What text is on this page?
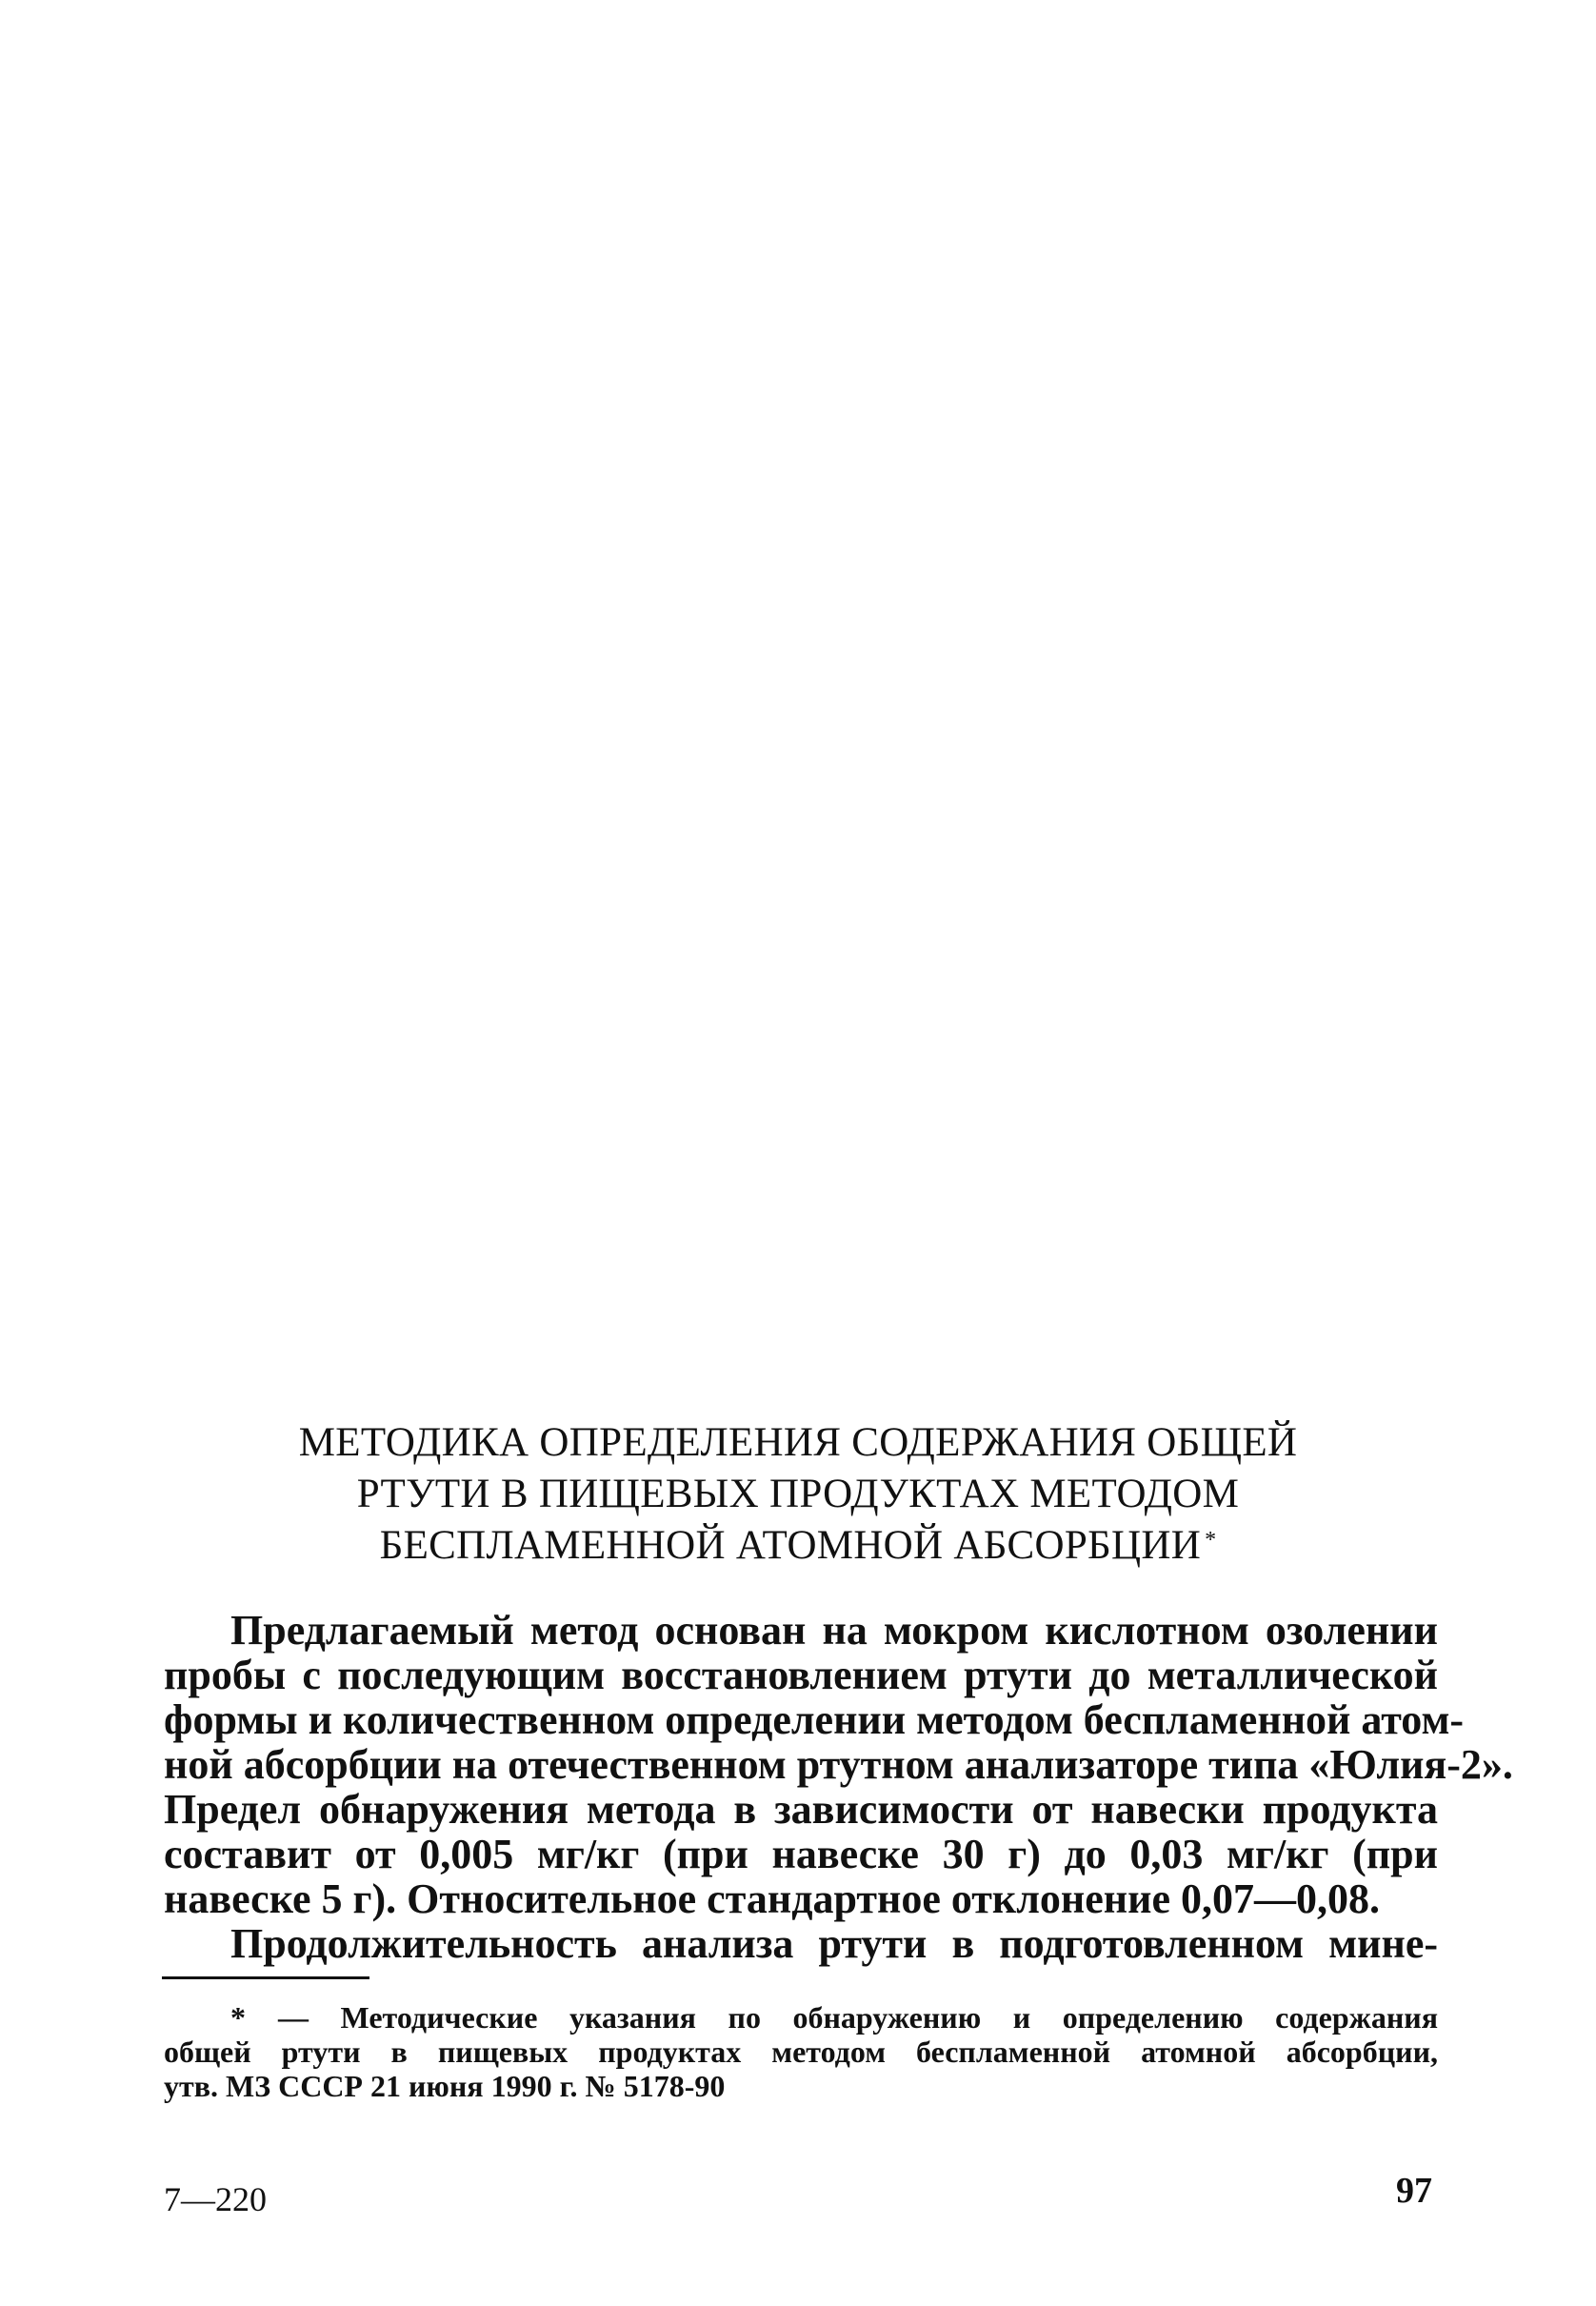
МЕТОДИКА ОПРЕДЕЛЕНИЯ СОДЕРЖАНИЯ ОБЩЕЙ
РТУТИ В ПИЩЕВЫХ ПРОДУКТАХ МЕТОДОМ
БЕСПЛАМЕННОЙ АТОМНОЙ АБСОРБЦИИ *
Предлагаемый метод основан на мокром кислотном озолении
пробы с последующим восстановлением ртути до металлической
формы и количественном определении методом беспламенной атом-
ной абсорбции на отечественном ртутном анализаторе типа «Юлия-2».
Предел обнаружения метода в зависимости от навески продукта
составит от 0,005 мг/кг (при навеске 30 г) до 0,03 мг/кг (при
навеске 5 г). Относительное стандартное отклонение 0,07—0,08.
Продолжительность анализа ртути в подготовленном мине-
* — Методические указания по обнаружению и определению содержания
общей ртути в пищевых продуктах методом беспламенной атомной абсорбции,
утв. МЗ СССР 21 июня 1990 г. № 5178-90
7—220	97
